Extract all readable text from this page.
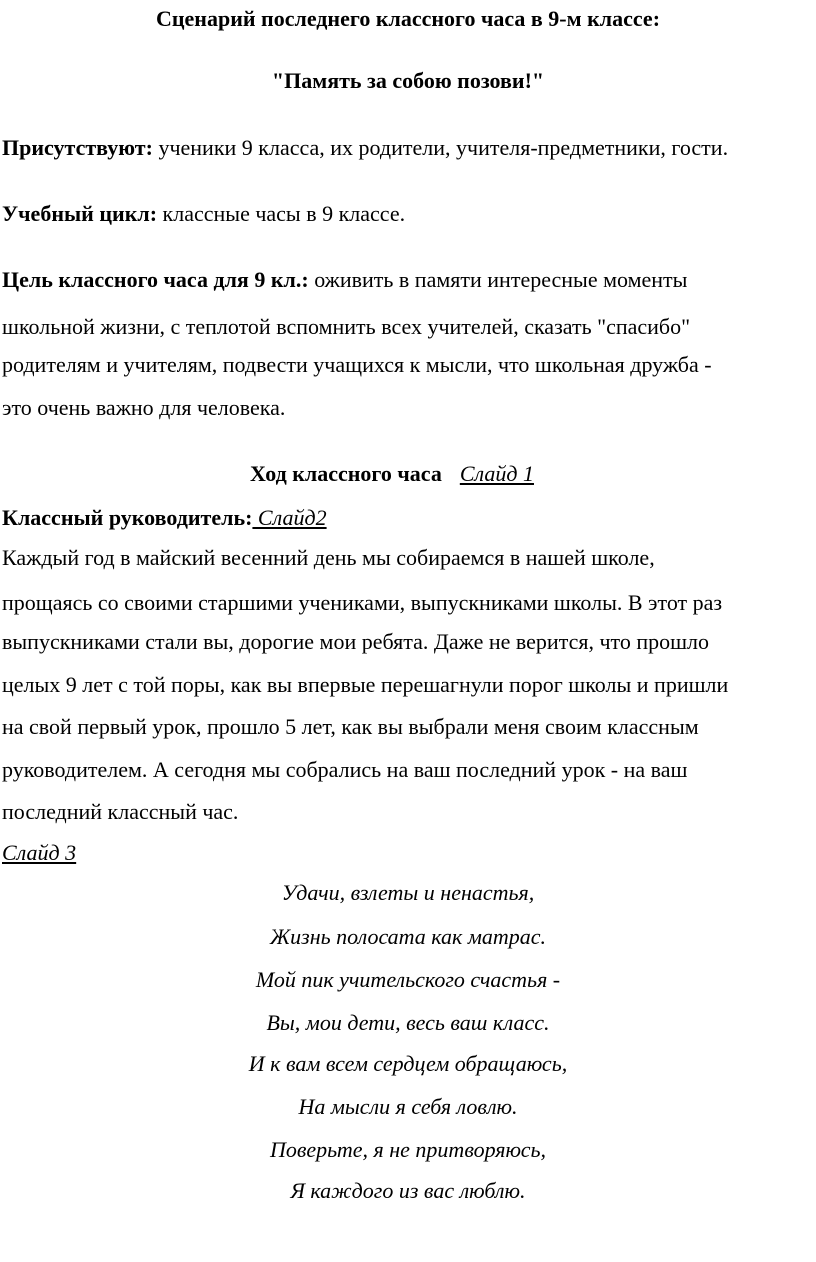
Сценарий последнего классного часа в 9-м классе:
"Память за собою позови!"
Присутствуют: ученики 9 класса, их родители, учителя-предметники, гости.
Учебный цикл: классные часы в 9 классе.
Цель классного часа для 9 кл.: оживить в памяти интересные моменты
школьной жизни, с теплотой вспомнить всех учителей, сказать "спасибо"
родителям и учителям, подвести учащихся к мысли, что школьная дружба -
это очень важно для человека.
Ход классного часа Слайд 1
Классный руководитель: Слайд2
Каждый год в майский весенний день мы собираемся в нашей школе,
прощаясь со своими старшими учениками, выпускниками школы. В этот раз
выпускниками стали вы, дорогие мои ребята. Даже не верится, что прошло
целых 9 лет с той поры, как вы впервые перешагнули порог школы и пришли
на свой первый урок, прошло 5 лет, как вы выбрали меня своим классным
руководителем. А сегодня мы собрались на ваш последний урок - на ваш
последний классный час.
Слайд 3
Удачи, взлеты и ненастья,
Жизнь полосата как матрас.
Мой пик учительского счастья -
Вы, мои дети, весь ваш класс.
И к вам всем сердцем обращаюсь,
На мысли я себя ловлю.
Поверьте, я не притворяюсь,
Я каждого из вас люблю.
